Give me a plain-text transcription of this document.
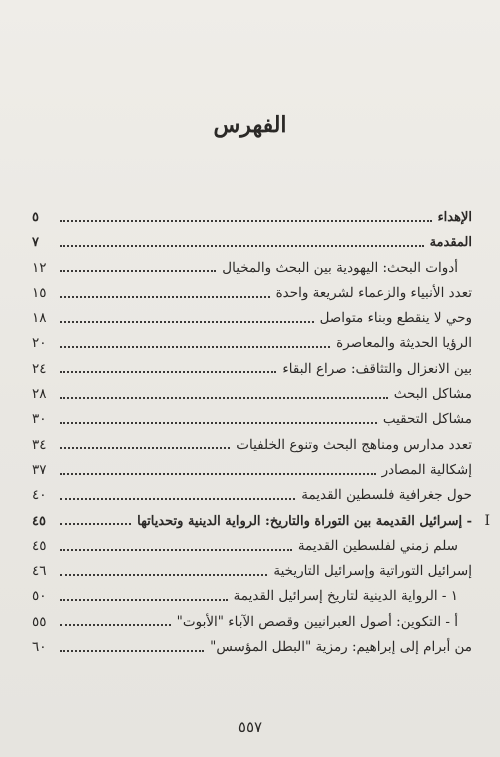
الفهرس
الإهداء
٥
المقدمة
٧
أدوات البحث: اليهودية بين البحث والمخيال
١٢
تعدد الأنبياء والزعماء لشريعة واحدة
١٥
وحي لا ينقطع وبناء متواصل
١٨
الرؤيا الحديثة والمعاصرة
٢٠
بين الانعزال والتثاقف: صراع البقاء
٢٤
مشاكل البحث
٢٨
مشاكل التحقيب
٣٠
تعدد مدارس ومناهج البحث وتنوع الخلفيات
٣٤
إشكالية المصادر
٣٧
حول جغرافية فلسطين القديمة
٤٠
I
- إسرائيل القديمة بين التوراة والتاريخ: الرواية الدينية وتحدياتها
٤٥
سلم زمني لفلسطين القديمة
٤٥
إسرائيل التوراتية وإسرائيل التاريخية
٤٦
١ - الرواية الدينية لتاريخ إسرائيل القديمة
٥٠
أ - التكوين: أصول العبرانيين وقصص الآباء "الأبوت"
٥٥
من أبرام إلى إبراهيم: رمزية "البطل المؤسس"
٦٠
٥٥٧
